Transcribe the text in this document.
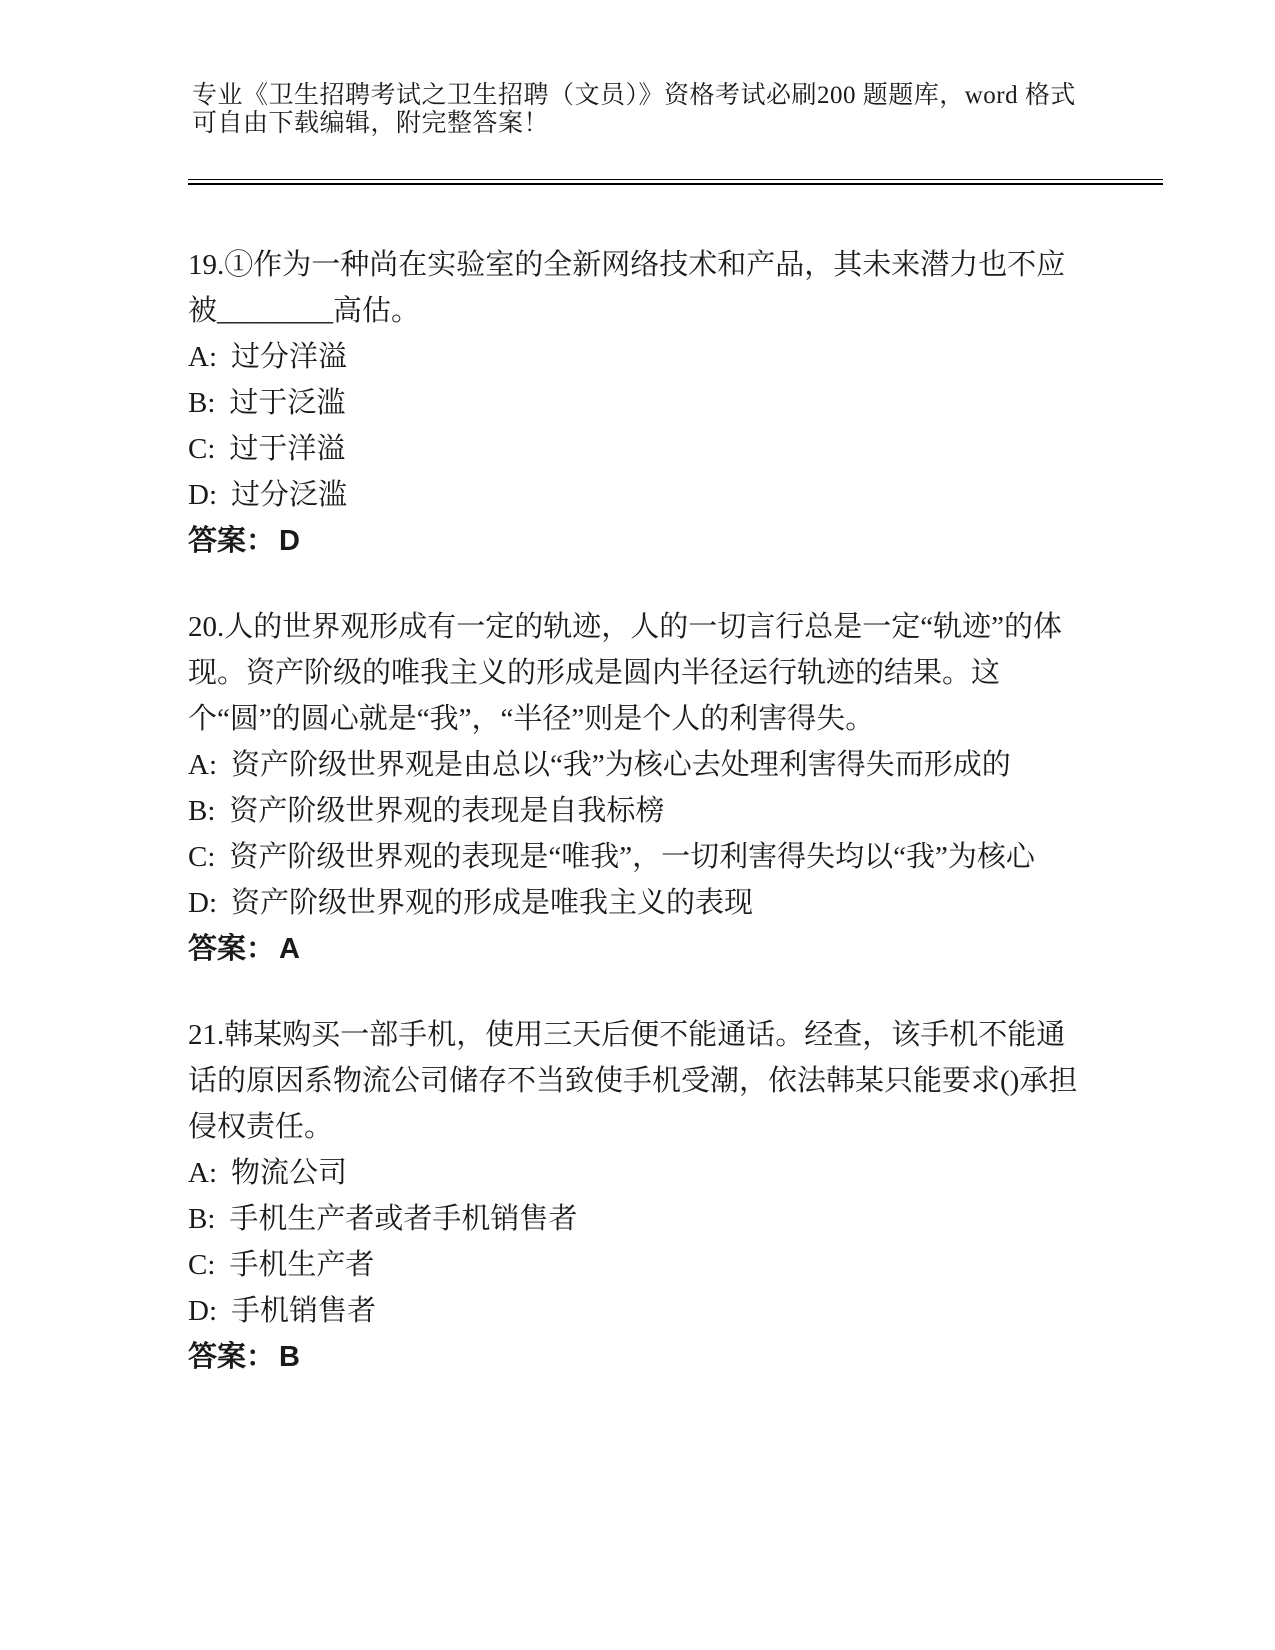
专业《卫生招聘考试之卫生招聘（文员）》资格考试必刷200 题题库，word 格式
可自由下载编辑，附完整答案！

19.①作为一种尚在实验室的全新网络技术和产品，其未来潜力也不应被________高估。

A: 过分洋溢
B: 过于泛滥
C: 过于洋溢
D: 过分泛滥

答案： D

20.人的世界观形成有一定的轨迹，人的一切言行总是一定“轨迹”的体现。资产阶级的唯我主义的形成是圆内半径运行轨迹的结果。这个“圆”的圆心就是“我”，“半径”则是个人的利害得失。

A: 资产阶级世界观是由总以“我”为核心去处理利害得失而形成的
B: 资产阶级世界观的表现是自我标榜
C: 资产阶级世界观的表现是“唯我”，一切利害得失均以“我”为核心
D: 资产阶级世界观的形成是唯我主义的表现

答案： A

21.韩某购买一部手机，使用三天后便不能通话。经查，该手机不能通话的原因系物流公司储存不当致使手机受潮，依法韩某只能要求()承担侵权责任。

A: 物流公司
B: 手机生产者或者手机销售者
C: 手机生产者
D: 手机销售者

答案： B
